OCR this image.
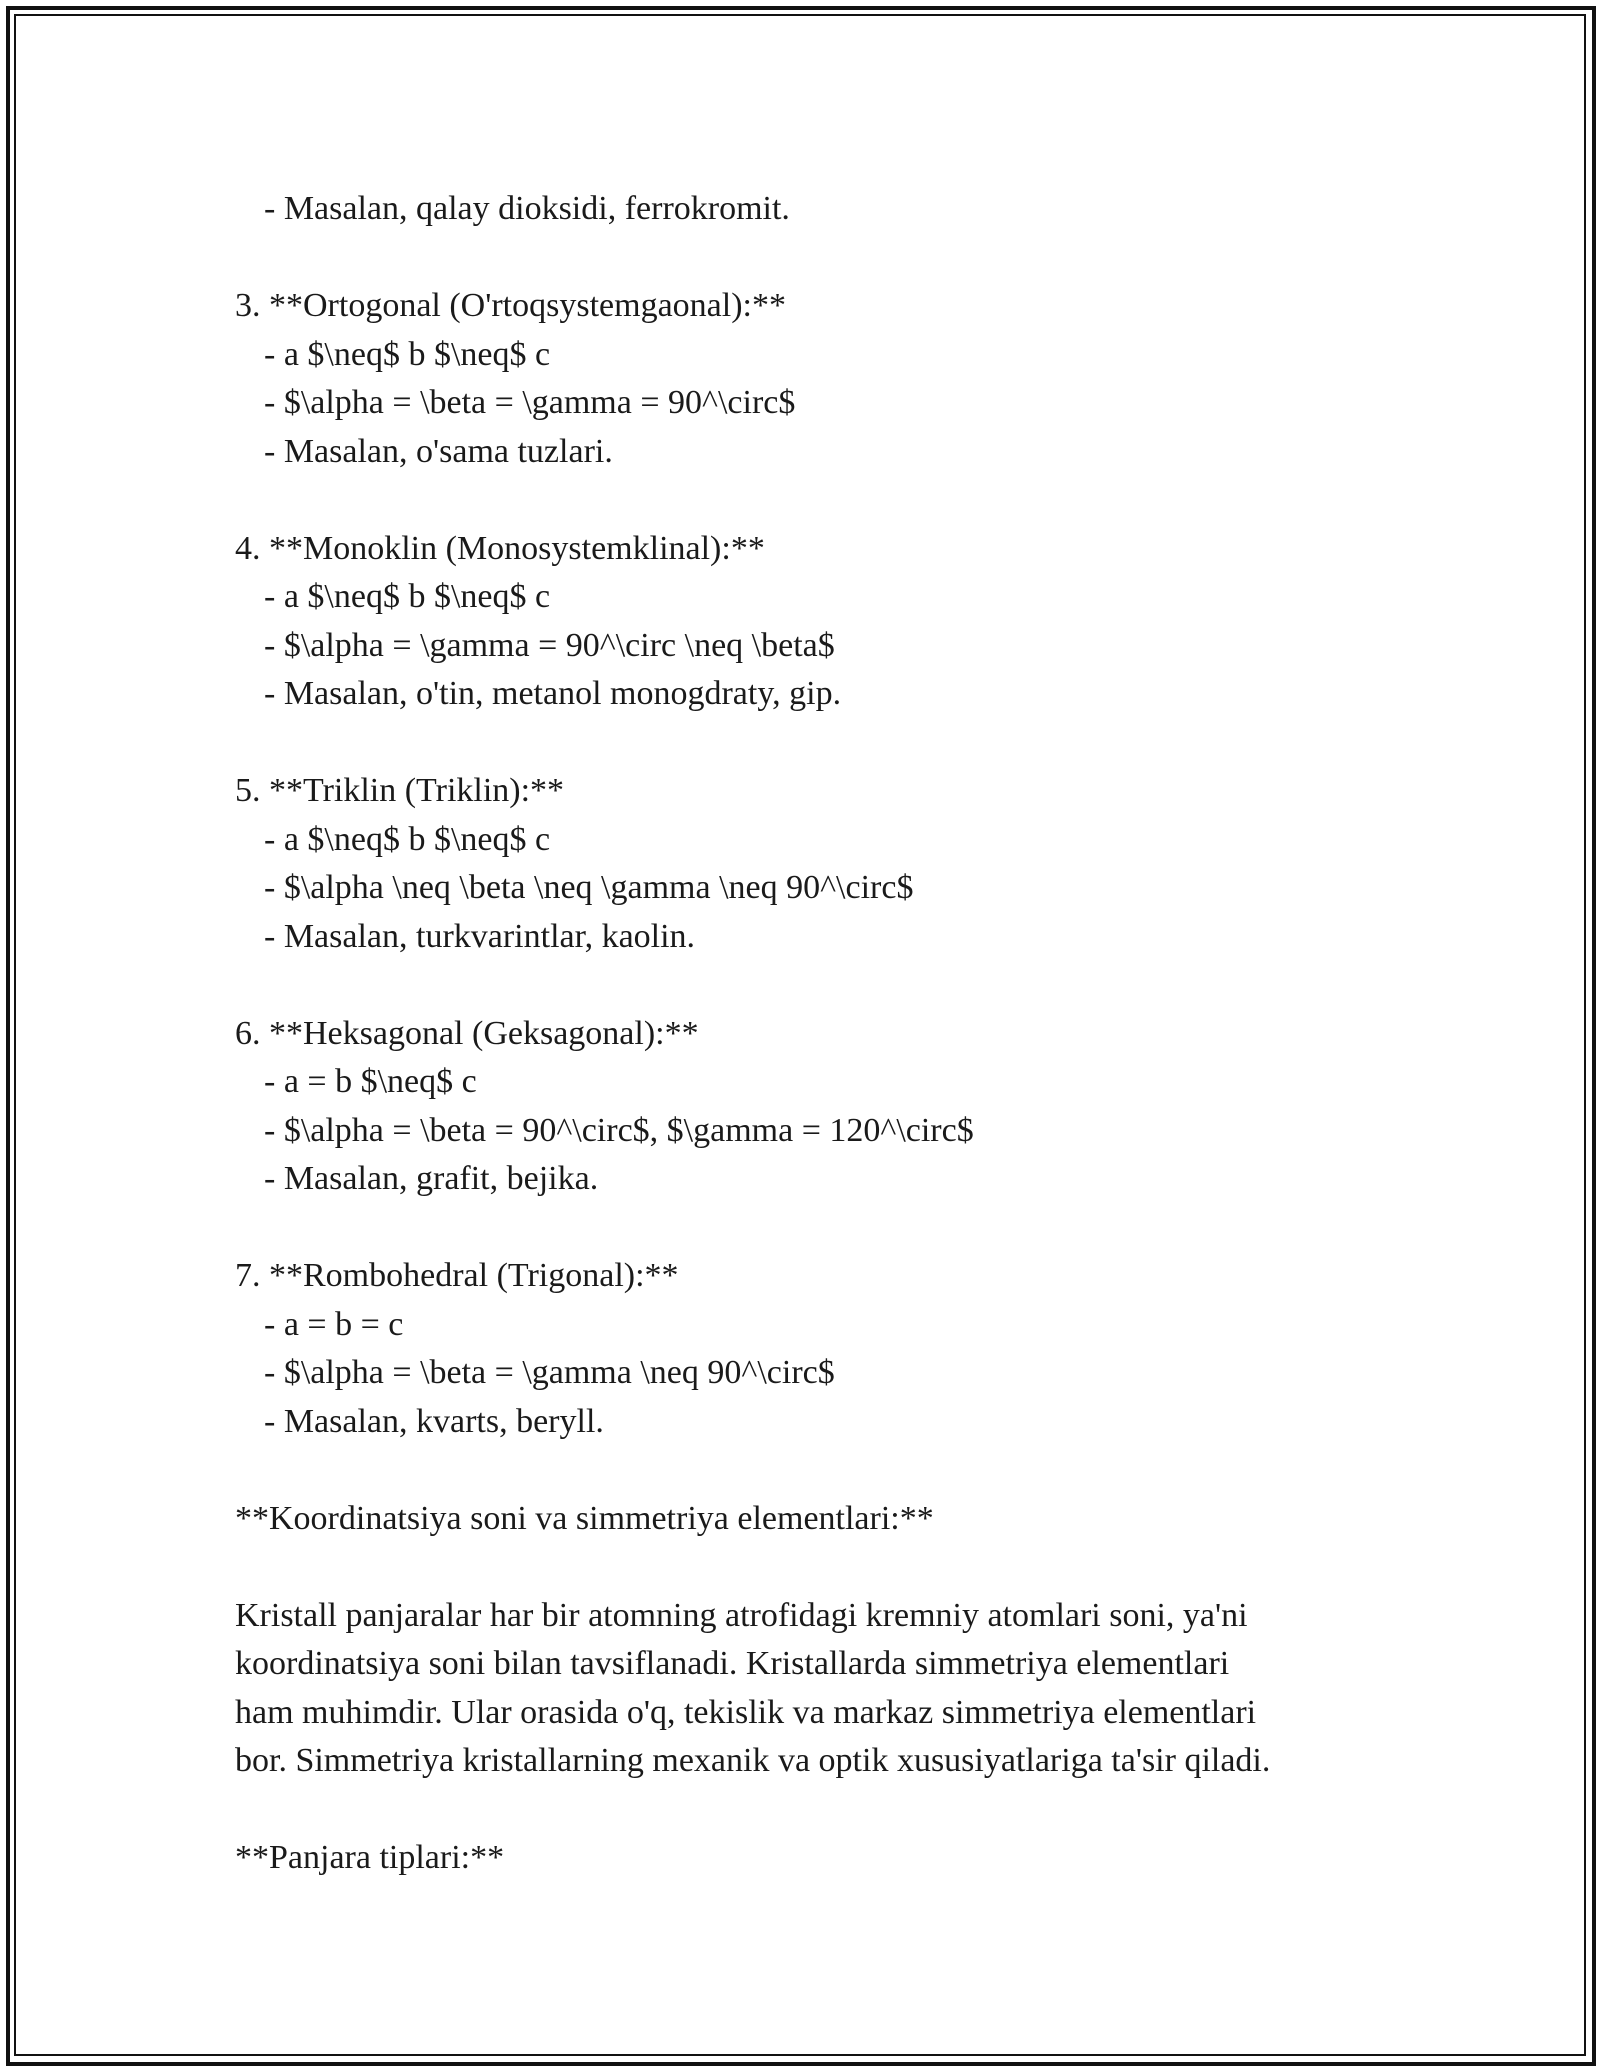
- Masalan, qalay dioksidi, ferrokromit.
3. **Ortogonal (O'rtoqsystemgaonal):**
- a $\neq$ b $\neq$ c
- $\alpha = \beta = \gamma = 90^\circ$
- Masalan, o'sama tuzlari.
4. **Monoklin (Monosystemklinal):**
- a $\neq$ b $\neq$ c
- $\alpha = \gamma = 90^\circ \neq \beta$
- Masalan, o'tin, metanol monogdraty, gip.
5. **Triklin (Triklin):**
- a $\neq$ b $\neq$ c
- $\alpha \neq \beta \neq \gamma \neq 90^\circ$
- Masalan, turkvarintlar, kaolin.
6. **Heksagonal (Geksagonal):**
- a = b $\neq$ c
- $\alpha = \beta = 90^\circ$, $\gamma = 120^\circ$
- Masalan, grafit, bejika.
7. **Rombohedral (Trigonal):**
- a = b = c
- $\alpha = \beta = \gamma \neq 90^\circ$
- Masalan, kvarts, beryll.
**Koordinatsiya soni va simmetriya elementlari:**
Kristall panjaralar har bir atomning atrofidagi kremniy atomlari soni, ya'ni
koordinatsiya soni bilan tavsiflanadi. Kristallarda simmetriya elementlari
ham muhimdir. Ular orasida o'q, tekislik va markaz simmetriya elementlari
bor. Simmetriya kristallarning mexanik va optik xususiyatlariga ta'sir qiladi.
**Panjara tiplari:**
